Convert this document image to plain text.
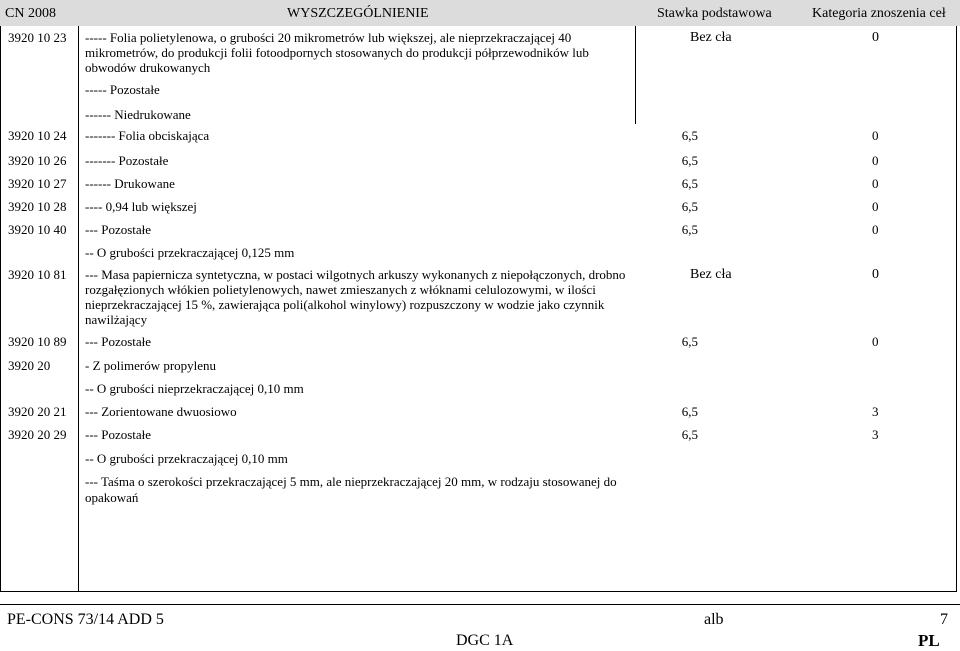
CN 2008	WYSZCZEGÓLNIENIE	Stawka podstawowa	Kategoria znoszenia ceł
3920 10 23 ----- Folia polietylenowa, o grubości 20 mikrometrów lub większej, ale nieprzekraczającej 40
mikrometrów, do produkcji folii fotoodpornych stosowanych do produkcji półprzewodników lub
obwodów drukowanych
Bez cła	0
----- Pozostałe
------ Niedrukowane
3920 10 24 ------- Folia obciskająca	6,5	0
3920 10 26 ------- Pozostałe	6,5	0
3920 10 27 ------ Drukowane	6,5	0
3920 10 28 ---- 0,94 lub większej	6,5	0
3920 10 40 --- Pozostałe	6,5	0
-- O grubości przekraczającej 0,125 mm
3920 10 81 --- Masa papiernicza syntetyczna, w postaci wilgotnych arkuszy wykonanych z niepołączonych, drobno
rozgałęzionych włókien polietylenowych, nawet zmieszanych z włóknami celulozowymi, w ilości
nieprzekraczającej 15 %, zawierająca poli(alkohol winylowy) rozpuszczony w wodzie jako czynnik
nawilżający
Bez cła	0
3920 10 89 --- Pozostałe	6,5	0
3920 20	- Z polimerów propylenu
-- O grubości nieprzekraczającej 0,10 mm
3920 20 21 --- Zorientowane dwuosiowo	6,5	3
3920 20 29 --- Pozostałe	6,5	3
-- O grubości przekraczającej 0,10 mm
--- Taśma o szerokości przekraczającej 5 mm, ale nieprzekraczającej 20 mm, w rodzaju stosowanej do
opakowań
PE-CONS 73/14 ADD 5	alb	7
DGC 1A	PL
